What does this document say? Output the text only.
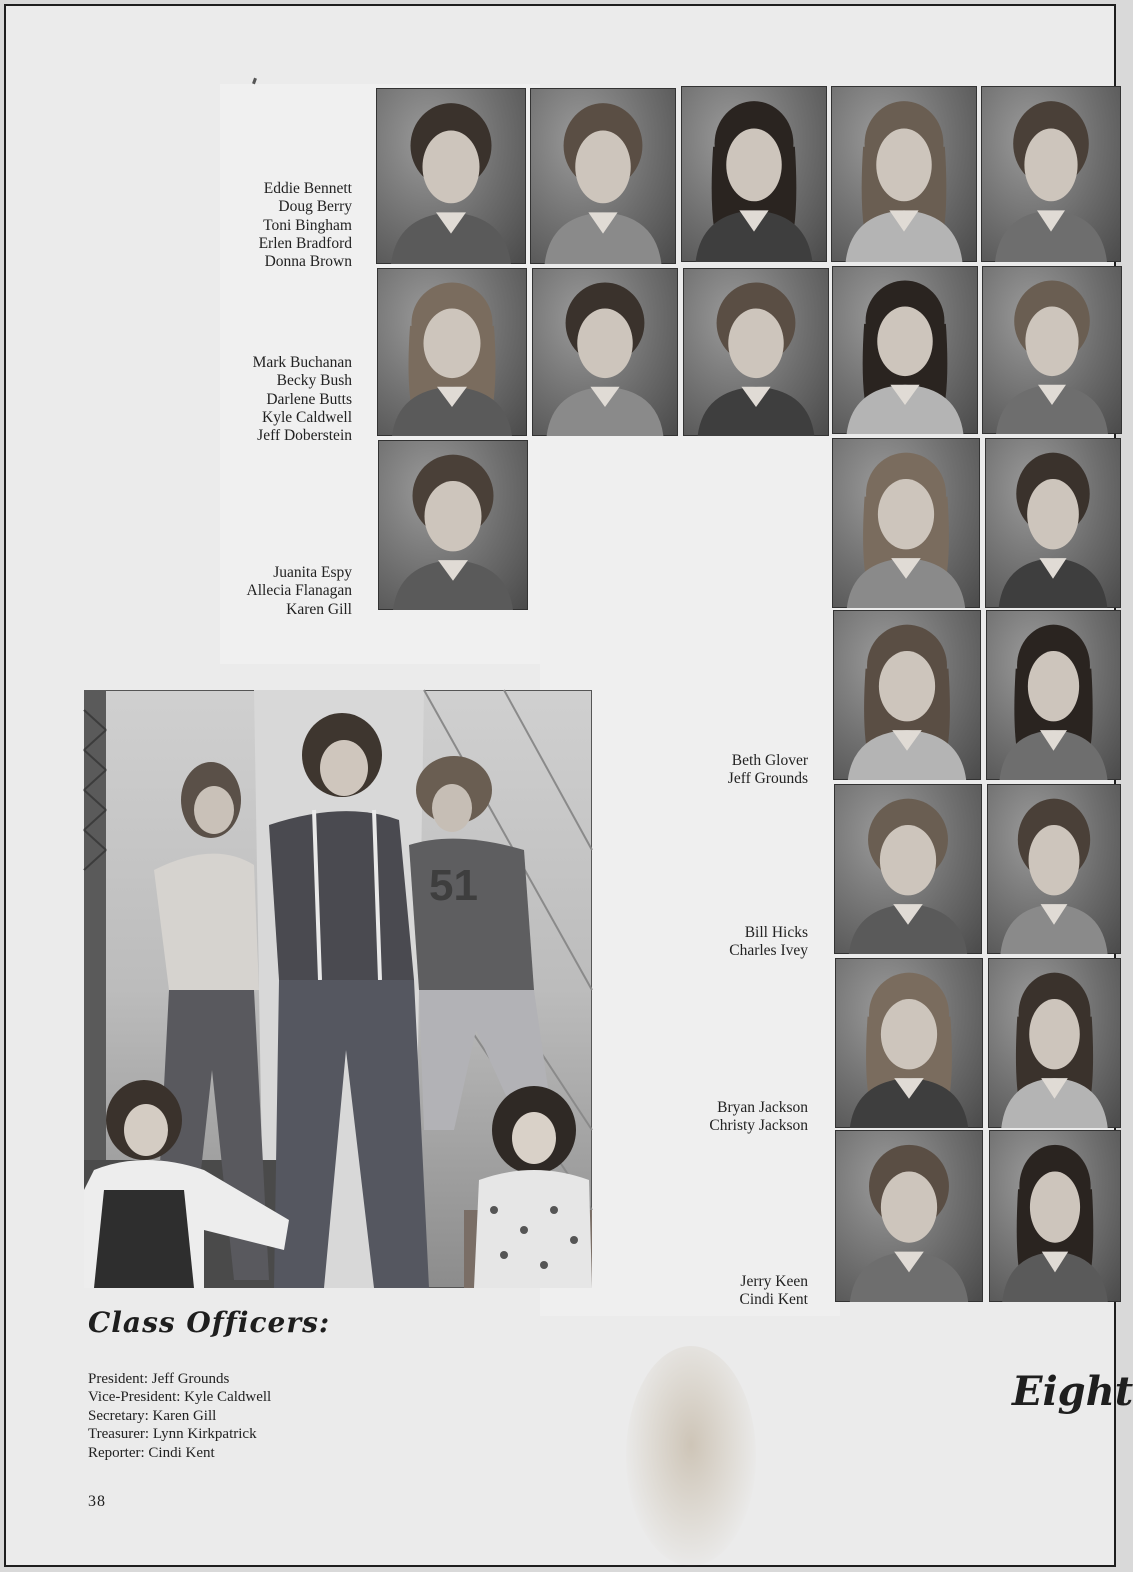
Eddie Bennett
Doug Berry
Toni Bingham
Erlen Bradford
Donna Brown
Mark Buchanan
Becky Bush
Darlene Butts
Kyle Caldwell
Jeff Doberstein
Juanita Espy
Allecia Flanagan
Karen Gill
Beth Glover
Jeff Grounds
Bill Hicks
Charles Ivey
Bryan Jackson
Christy Jackson
Jerry Keen
Cindi Kent
51
Class Officers:
President: Jeff Grounds
Vice-President: Kyle Caldwell
Secretary: Karen Gill
Treasurer: Lynn Kirkpatrick
Reporter: Cindi Kent
38
Eight
